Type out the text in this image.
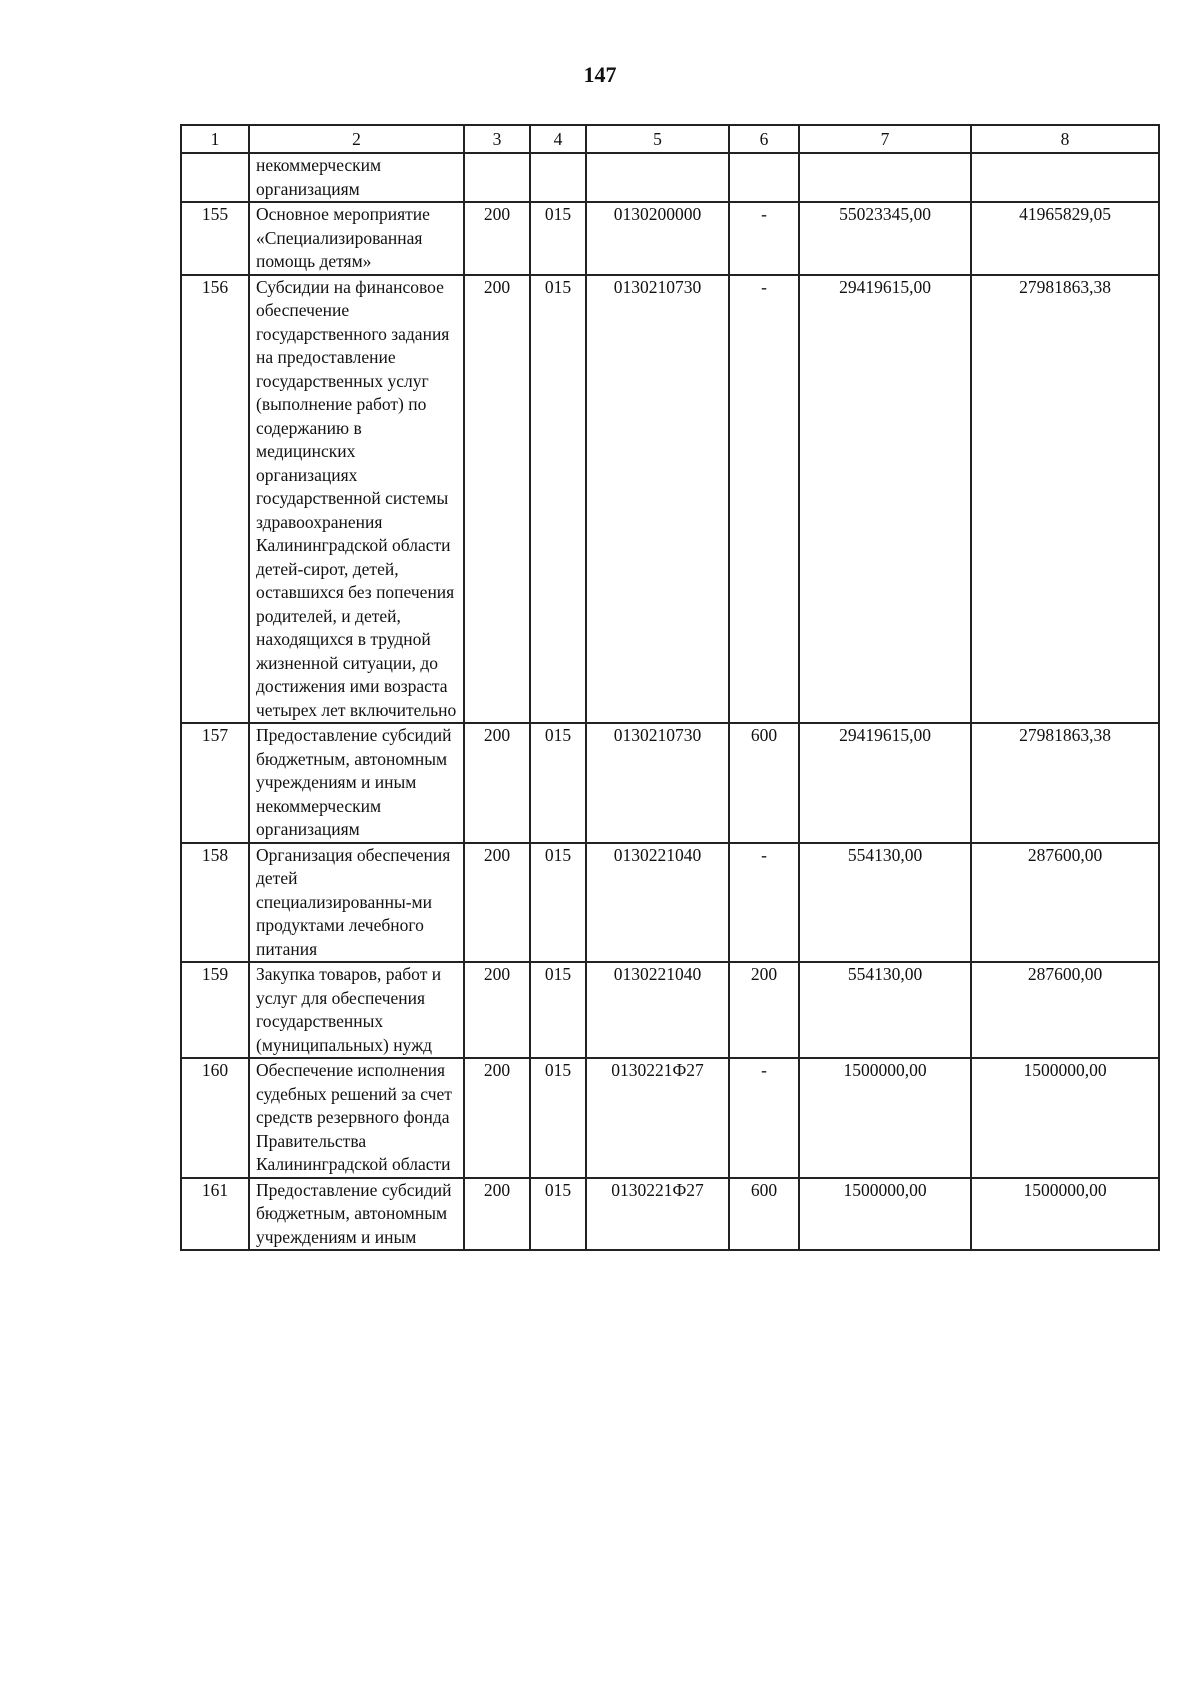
147
1	2	3	4	5	6	7	8
	некоммерческим организациям						
155	Основное мероприятие «Специализированная помощь детям»	200	015	0130200000	-	55023345,00	41965829,05
156	Субсидии на финансовое обеспечение государственного задания на предоставление государственных услуг (выполнение работ) по содержанию в медицинских организациях государственной системы здравоохранения Калининградской области детей-сирот, детей, оставшихся без попечения родителей, и детей, находящихся в трудной жизненной ситуации, до достижения ими возраста четырех лет включительно	200	015	0130210730	-	29419615,00	27981863,38
157	Предоставление субсидий бюджетным, автономным учреждениям и иным некоммерческим организациям	200	015	0130210730	600	29419615,00	27981863,38
158	Организация обеспечения детей специализированны-ми продуктами лечебного питания	200	015	0130221040	-	554130,00	287600,00
159	Закупка товаров, работ и услуг для обеспечения государственных (муниципальных) нужд	200	015	0130221040	200	554130,00	287600,00
160	Обеспечение исполнения судебных решений за счет средств резервного фонда Правительства Калининградской области	200	015	0130221Ф27	-	1500000,00	1500000,00
161	Предоставление субсидий бюджетным, автономным учреждениям и иным	200	015	0130221Ф27	600	1500000,00	1500000,00
